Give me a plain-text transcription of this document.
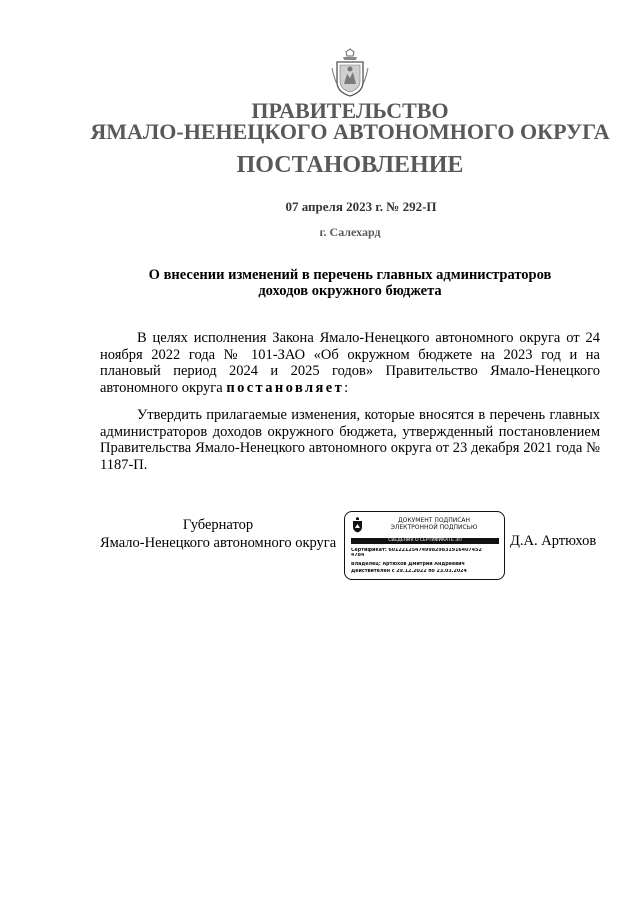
ПРАВИТЕЛЬСТВО
ЯМАЛО-НЕНЕЦКОГО АВТОНОМНОГО ОКРУГА
ПОСТАНОВЛЕНИЕ
07 апреля 2023 г. № 292-П
г. Салехард
О внесении изменений в перечень главных администраторов
доходов окружного бюджета
В целях исполнения Закона Ямало-Ненецкого автономного округа от 24 ноября 2022 года № 101-ЗАО «Об окружном бюджете на 2023 год и на плановый период 2024 и 2025 годов» Правительство Ямало-Ненецкого автономного округа постановляет:
Утвердить прилагаемые изменения, которые вносятся в перечень главных администраторов доходов окружного бюджета, утвержденный постановлением Правительства Ямало-Ненецкого автономного округа от 23 декабря 2021 года № 1187-П.
Губернатор
Ямало-Ненецкого автономного округа
ДОКУМЕНТ ПОДПИСАН
ЭЛЕКТРОННОЙ ПОДПИСЬЮ
СВЕДЕНИЯ О СЕРТИФИКАТЕ ЭП
Сертификат: 6012212547499829831916407452
4784
Владелец: Артюхов Дмитрий Андреевич
Действителен с 29.12.2022 по 23.03.2024
Д.А. Артюхов
